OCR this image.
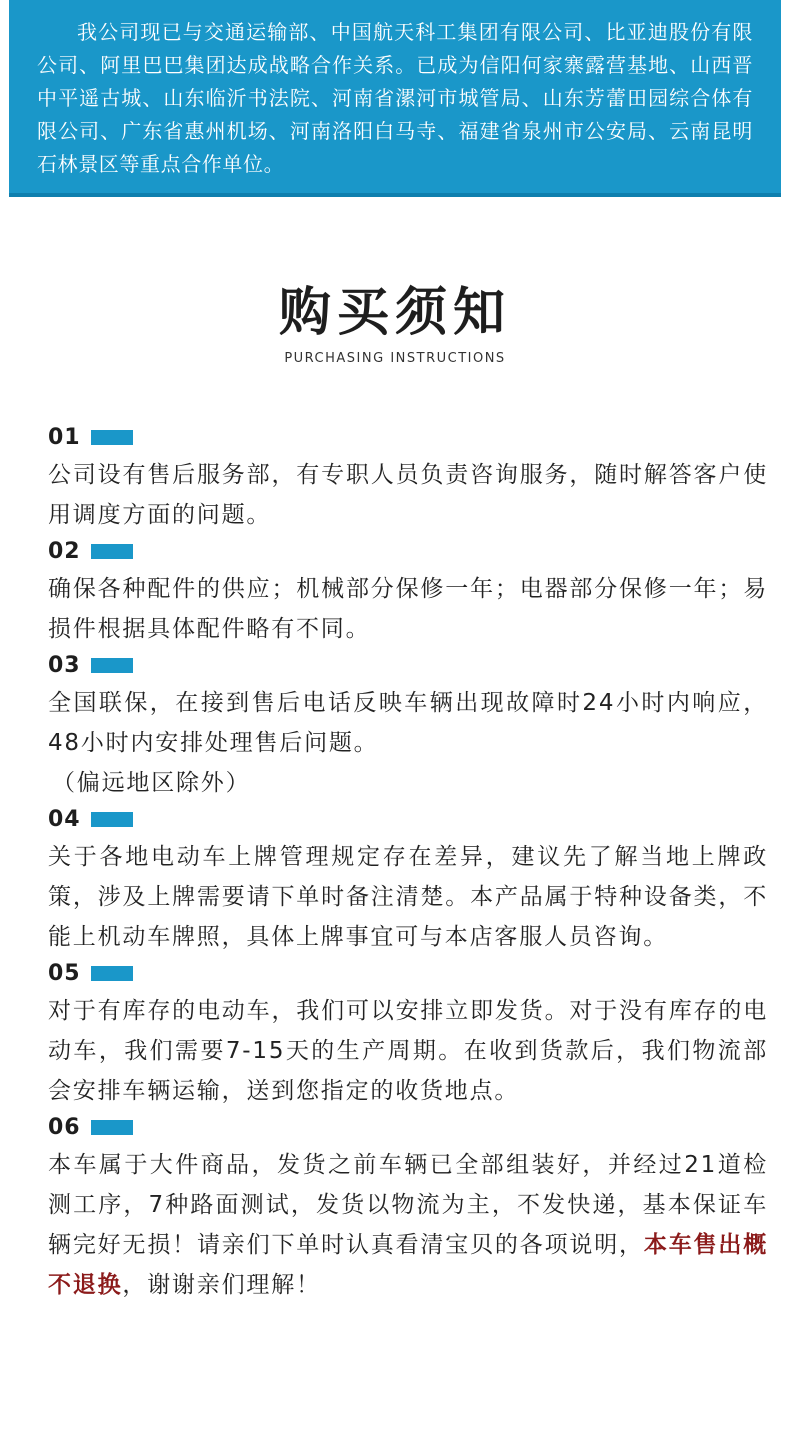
我公司现已与交通运输部、中国航天科工集团有限公司、比亚迪股份有限公司、阿里巴巴集团达成战略合作关系。已成为信阳何家寨露营基地、山西晋中平遥古城、山东临沂书法院、河南省漯河市城管局、山东芳蕾田园综合体有限公司、广东省惠州机场、河南洛阳白马寺、福建省泉州市公安局、云南昆明石林景区等重点合作单位。

购买须知
PURCHASING INSTRUCTIONS
01

公司设有售后服务部，有专职人员负责咨询服务，随时解答客户使用调度方面的问题。

02

确保各种配件的供应；机械部分保修一年；电器部分保修一年；易损件根据具体配件略有不同。

03

全国联保，在接到售后电话反映车辆出现故障时24小时内响应， 48小时内安排处理售后问题。

（偏远地区除外）

04

关于各地电动车上牌管理规定存在差异，建议先了解当地上牌政策，涉及上牌需要请下单时备注清楚。本产品属于特种设备类，不能上机动车牌照，具体上牌事宜可与本店客服人员咨询。

05

对于有库存的电动车，我们可以安排立即发货。对于没有库存的电动车，我们需要7-15天的生产周期。在收到货款后，我们物流部会安排车辆运输，送到您指定的收货地点。

06

本车属于大件商品，发货之前车辆已全部组装好，并经过21道检测工序，7种路面测试，发货以物流为主，不发快递，基本保证车辆完好无损！请亲们下单时认真看清宝贝的各项说明，本车售出概不退换，谢谢亲们理解！
